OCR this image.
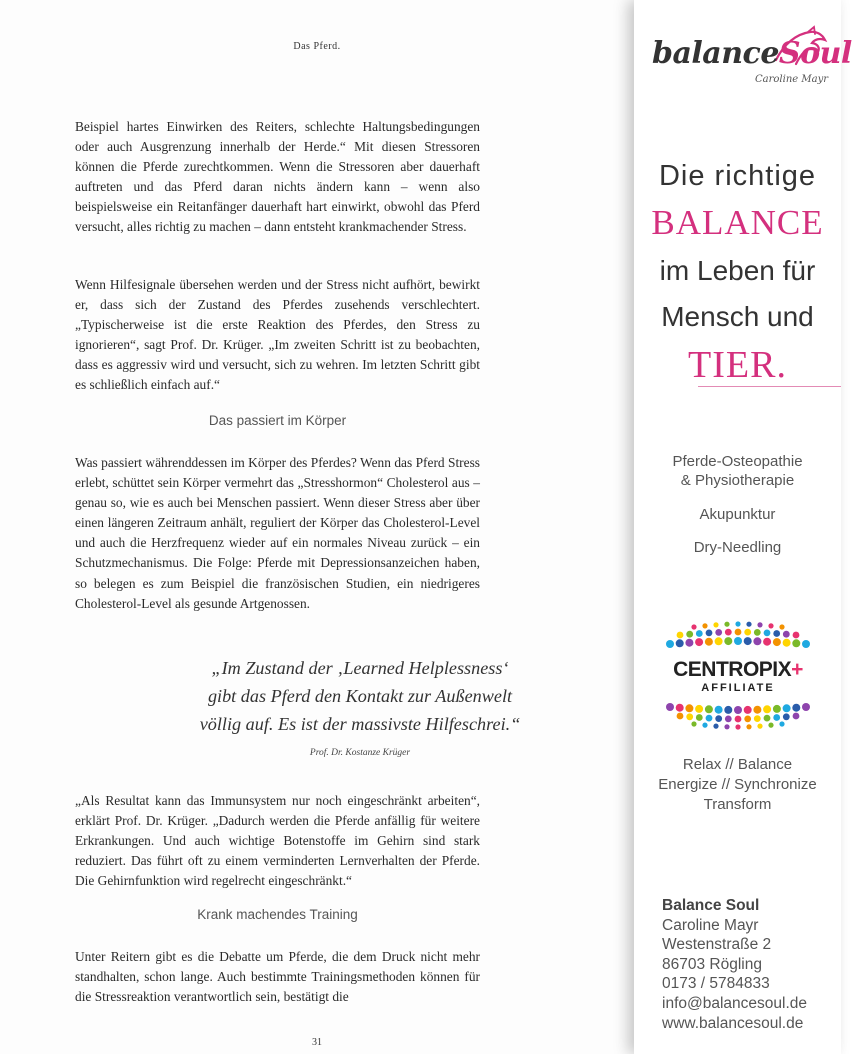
Das Pferd.

Beispiel hartes Einwirken des Reiters, schlechte Haltungsbedingungen oder auch Ausgrenzung innerhalb der Herde.“ Mit diesen Stressoren können die Pferde zurechtkommen. Wenn die Stressoren aber dauerhaft auftreten und das Pferd daran nichts ändern kann – wenn also beispielsweise ein Reitanfänger dauerhaft hart einwirkt, obwohl das Pferd versucht, alles richtig zu machen – dann entsteht krankmachender Stress.

Wenn Hilfesignale übersehen werden und der Stress nicht aufhört, bewirkt er, dass sich der Zustand des Pferdes zusehends verschlechtert. „Typischerweise ist die erste Reaktion des Pferdes, den Stress zu ignorieren“, sagt Prof. Dr. Krüger. „Im zweiten Schritt ist zu beobachten, dass es aggressiv wird und versucht, sich zu wehren. Im letzten Schritt gibt es schließlich einfach auf.“

Das passiert im Körper

Was passiert währenddessen im Körper des Pferdes? Wenn das Pferd Stress erlebt, schüttet sein Körper vermehrt das „Stresshormon“ Cholesterol aus – genau so, wie es auch bei Menschen passiert. Wenn dieser Stress aber über einen längeren Zeitraum anhält, reguliert der Körper das Cholesterol-Level und auch die Herzfrequenz wieder auf ein normales Niveau zurück – ein Schutzmechanismus. Die Folge: Pferde mit Depressionsanzeichen haben, so belegen es zum Beispiel die französischen Studien, ein niedrigeres Cholesterol-Level als gesunde Artgenossen.

„Im Zustand der ‚Learned Helplessness‘
gibt das Pferd den Kontakt zur Außenwelt
völlig auf. Es ist der massivste Hilfeschrei.“
Prof. Dr. Kostanze Krüger

„Als Resultat kann das Immunsystem nur noch eingeschränkt arbeiten“, erklärt Prof. Dr. Krüger. „Dadurch werden die Pferde anfällig für weitere Erkrankungen. Und auch wichtige Botenstoffe im Gehirn sind stark reduziert. Das führt oft zu einem verminderten Lernverhalten der Pferde. Die Gehirnfunktion wird regelrecht eingeschränkt.“

Krank machendes Training

Unter Reitern gibt es die Debatte um Pferde, die dem Druck nicht mehr standhalten, schon lange. Auch bestimmte Trainingsmethoden können für die Stressreaktion verantwortlich sein, bestätigt die

31
balanceSoul
Caroline Mayr
Die richtige
BALANCE
im Leben für
Mensch und
TIER.
Pferde-Osteopathie
& Physiotherapie
Akupunktur
Dry-Needling
CENTROPIX+
AFFILIATE
Relax // Balance
Energize // Synchronize
Transform
Balance Soul
Caroline Mayr
Westenstraße 2
86703 Rögling
0173 / 5784833
info@balancesoul.de
www.balancesoul.de
